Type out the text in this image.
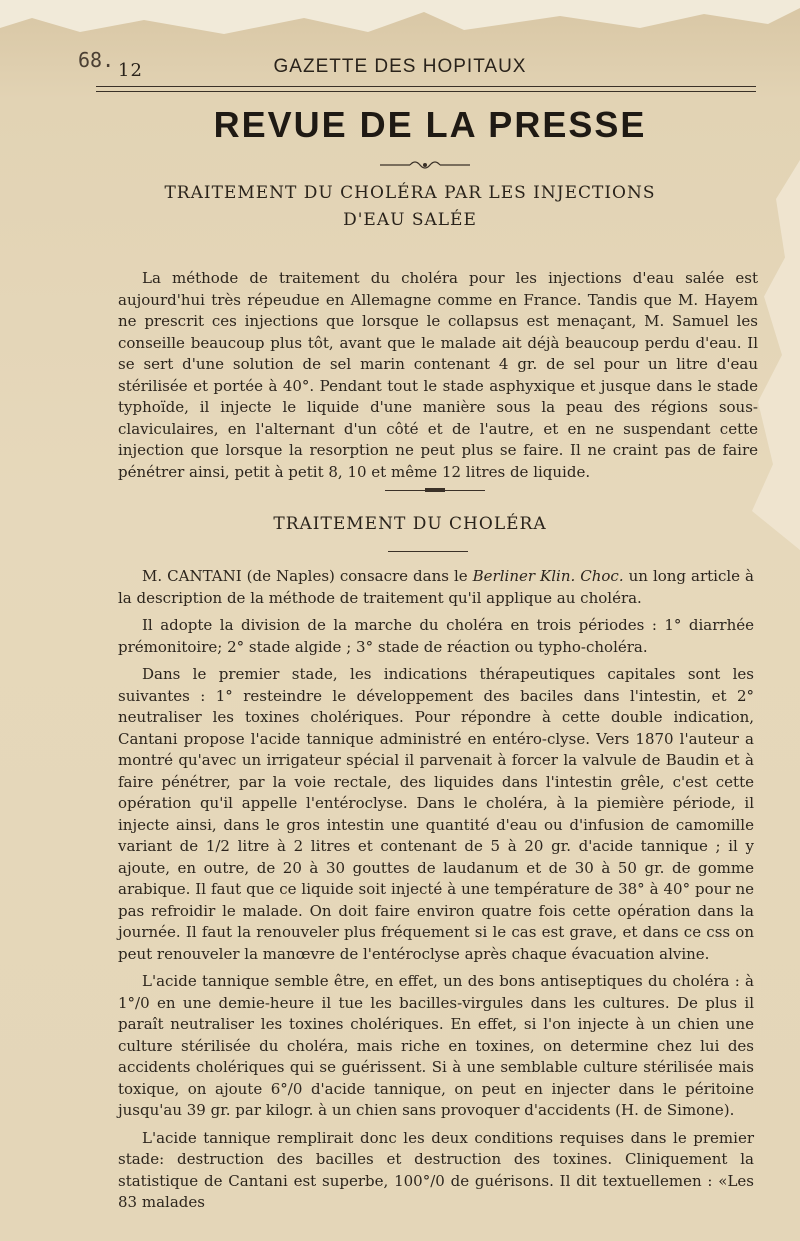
68. 12	GAZETTE DES HOPITAUX
REVUE DE LA PRESSE
TRAITEMENT DU CHOLÉRA PAR LES INJECTIONS
D'EAU SALÉE

La méthode de traitement du choléra pour les injections d'eau salée est aujourd'hui très répeudue en Allemagne comme en France. Tandis que M. Hayem ne prescrit ces injections que lorsque le collapsus est menaçant, M. Samuel les conseille beaucoup plus tôt, avant que le malade ait déjà beaucoup perdu d'eau. Il se sert d'une solution de sel marin contenant 4 gr. de sel pour un litre d'eau stérilisée et portée à 40°. Pendant tout le stade asphyxique et jusque dans le stade typhoïde, il injecte le liquide d'une manière sous la peau des régions sous-claviculaires, en l'alternant d'un côté et de l'autre, et en ne suspendant cette injection que lorsque la resorption ne peut plus se faire. Il ne craint pas de faire pénétrer ainsi, petit à petit 8, 10 et même 12 litres de liquide.

TRAITEMENT DU CHOLÉRA

M. CANTANI (de Naples) consacre dans le Berliner Klin. Choc. un long article à la description de la méthode de traitement qu'il applique au choléra.

Il adopte la division de la marche du choléra en trois périodes : 1° diarrhée prémonitoire; 2° stade algide ; 3° stade de réaction ou typho-choléra.

Dans le premier stade, les indications thérapeutiques capitales sont les suivantes : 1° resteindre le développement des baciles dans l'intestin, et 2° neutraliser les toxines cholériques. Pour répondre à cette double indication, Cantani propose l'acide tannique administré en entéro-clyse. Vers 1870 l'auteur a montré qu'avec un irrigateur spécial il parvenait à forcer la valvule de Baudin et à faire pénétrer, par la voie rectale, des liquides dans l'intestin grêle, c'est cette opération qu'il appelle l'entéroclyse. Dans le choléra, à la piemière période, il injecte ainsi, dans le gros intestin une quantité d'eau ou d'infusion de camomille variant de 1/2 litre à 2 litres et contenant de 5 à 20 gr. d'acide tannique ; il y ajoute, en outre, de 20 à 30 gouttes de laudanum et de 30 à 50 gr. de gomme arabique. Il faut que ce liquide soit injecté à une température de 38° à 40° pour ne pas refroidir le malade. On doit faire environ quatre fois cette opération dans la journée. Il faut la renouveler plus fréquement si le cas est grave, et dans ce css on peut renouveler la manœvre de l'entéroclyse après chaque évacuation alvine.

L'acide tannique semble être, en effet, un des bons antiseptiques du choléra : à 1°/0 en une demie-heure il tue les bacilles-virgules dans les cultures. De plus il paraît neutraliser les toxines cholériques. En effet, si l'on injecte à un chien une culture stérilisée du choléra, mais riche en toxines, on determine chez lui des accidents cholériques qui se guérissent. Si à une semblable culture stérilisée mais toxique, on ajoute 6°/0 d'acide tannique, on peut en injecter dans le péritoine jusqu'au 39 gr. par kilogr. à un chien sans provoquer d'accidents (H. de Simone).

L'acide tannique remplirait donc les deux conditions requises dans le premier stade: destruction des bacilles et destruction des toxines. Cliniquement la statistique de Cantani est superbe, 100°/0 de guérisons. Il dit textuellemen : «Les 83 malades
